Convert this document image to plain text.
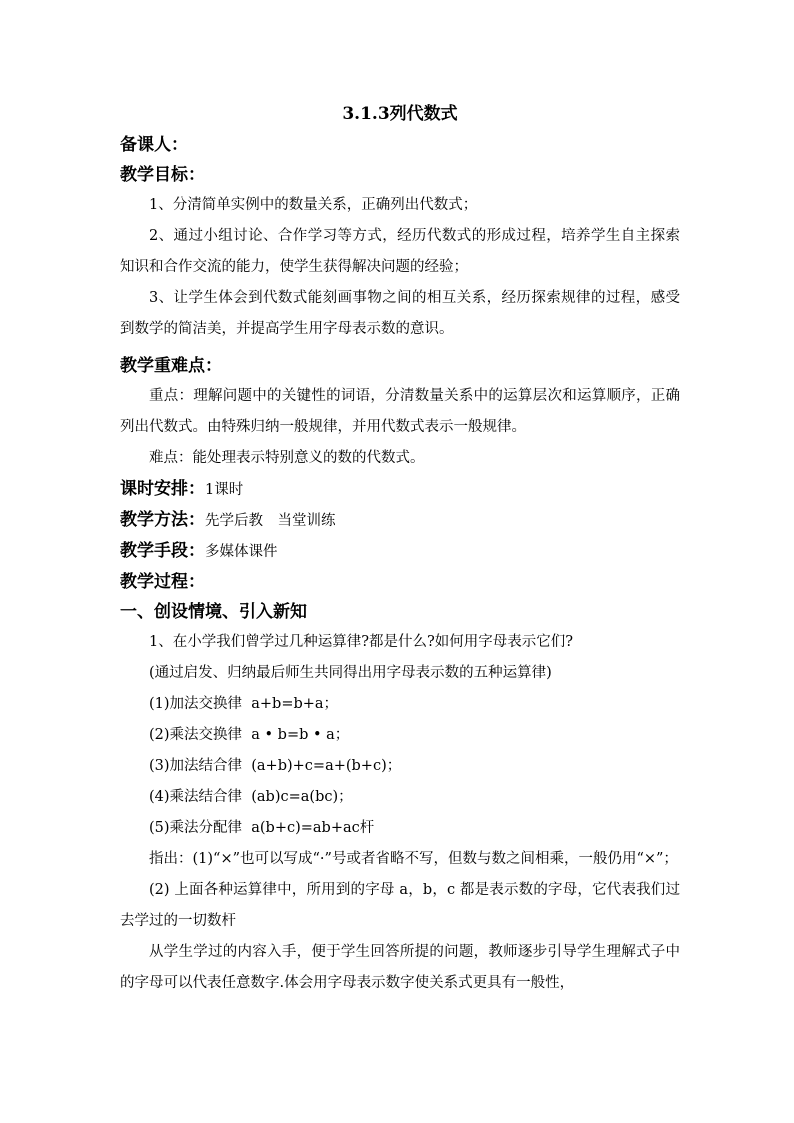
3.1.3列代数式

备课人：

教学目标：

1、分清简单实例中的数量关系，正确列出代数式；

2、通过小组讨论、合作学习等方式，经历代数式的形成过程，培养学生自主探索知识和合作交流的能力，使学生获得解决问题的经验；

3、让学生体会到代数式能刻画事物之间的相互关系，经历探索规律的过程，感受到数学的简洁美，并提高学生用字母表示数的意识。

教学重难点：

重点：理解问题中的关键性的词语，分清数量关系中的运算层次和运算顺序，正确列出代数式。由特殊归纳一般规律，并用代数式表示一般规律。

难点：能处理表示特别意义的数的代数式。

课时安排：1课时

教学方法：先学后教　当堂训练

教学手段：多媒体课件

教学过程：

一、创设情境、引入新知

1、在小学我们曾学过几种运算律?都是什么?如何用字母表示它们?

(通过启发、归纳最后师生共同得出用字母表示数的五种运算律)

(1)加法交换律  a+b=b+a；

(2)乘法交换律  a • b=b • a；

(3)加法结合律  (a+b)+c=a+(b+c)；

(4)乘法结合律  (ab)c=a(bc)；

(5)乘法分配律  a(b+c)=ab+ac杆

指出：(1)“×”也可以写成“·”号或者省略不写，但数与数之间相乘，一般仍用“×”；

(2) 上面各种运算律中，所用到的字母 a，b，c 都是表示数的字母，它代表我们过去学过的一切数杆

从学生学过的内容入手，便于学生回答所提的问题，教师逐步引导学生理解式子中的字母可以代表任意数字.体会用字母表示数字使关系式更具有一般性，
